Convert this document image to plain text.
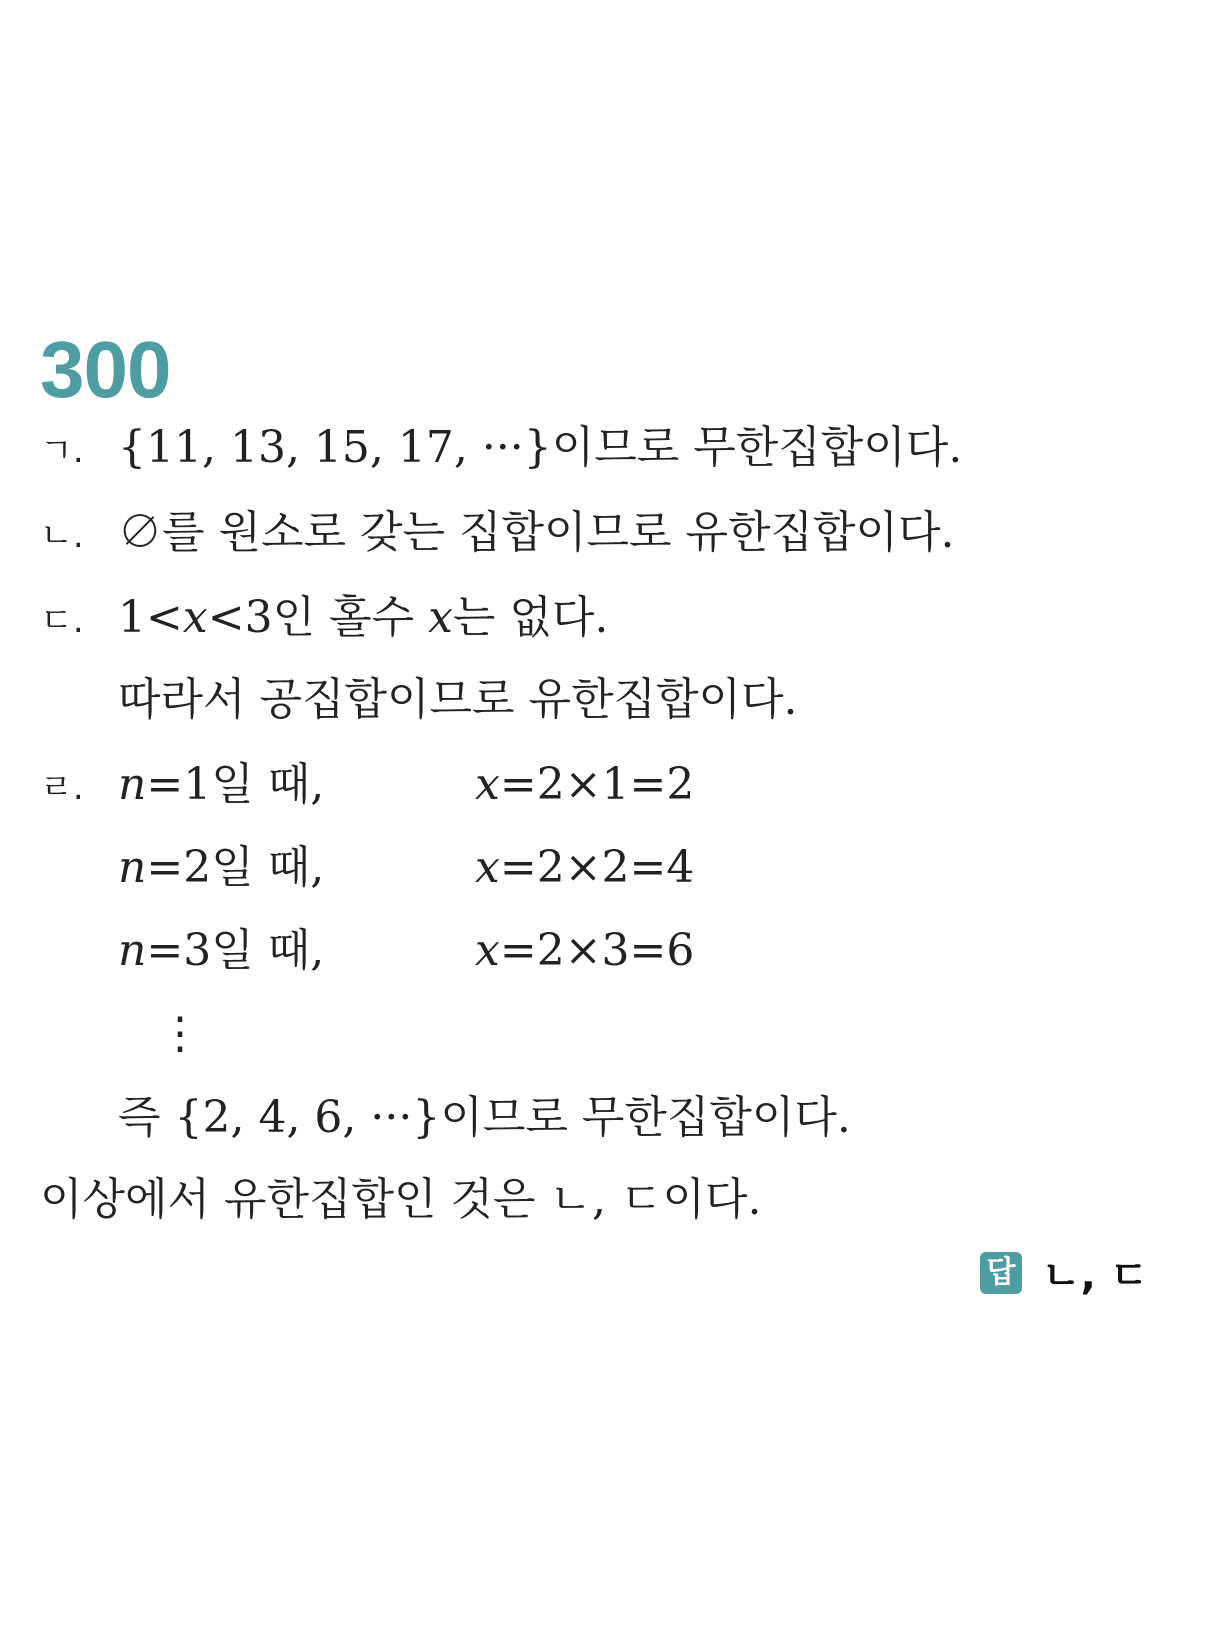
300
ㄱ. {11, 13, 15, 17, ···}이므로 무한집합이다.
ㄴ. ∅를 원소로 갖는 집합이므로 유한집합이다.
ㄷ. 1<x<3인 홀수 x는 없다.
따라서 공집합이므로 유한집합이다.
ㄹ. n=1일 때,	x=2×1=2
n=2일 때,	x=2×2=4
n=3일 때,	x=2×3=6
⋮
즉 {2, 4, 6, ···}이므로 무한집합이다.
이상에서 유한집합인 것은 ㄴ, ㄷ이다.
답 ㄴ, ㄷ
